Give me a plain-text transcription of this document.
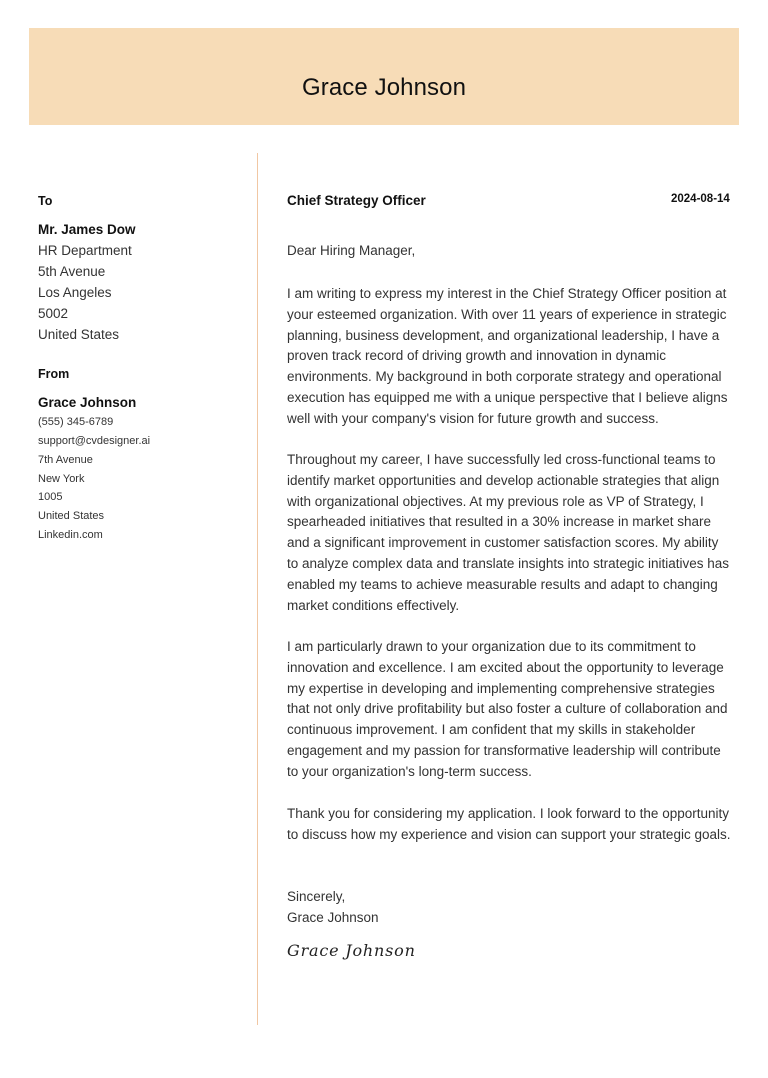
Grace Johnson
To
Mr. James Dow
HR Department
5th Avenue
Los Angeles
5002
United States
From
Grace Johnson
(555) 345-6789
support@cvdesigner.ai
7th Avenue
New York
1005
United States
Linkedin.com
Chief Strategy Officer	2024-08-14
Dear Hiring Manager,

I am writing to express my interest in the Chief Strategy Officer position at your esteemed organization. With over 11 years of experience in strategic planning, business development, and organizational leadership, I have a proven track record of driving growth and innovation in dynamic environments. My background in both corporate strategy and operational execution has equipped me with a unique perspective that I believe aligns well with your company's vision for future growth and success.

Throughout my career, I have successfully led cross-functional teams to identify market opportunities and develop actionable strategies that align with organizational objectives. At my previous role as VP of Strategy, I spearheaded initiatives that resulted in a 30% increase in market share and a significant improvement in customer satisfaction scores. My ability to analyze complex data and translate insights into strategic initiatives has enabled my teams to achieve measurable results and adapt to changing market conditions effectively.

I am particularly drawn to your organization due to its commitment to innovation and excellence. I am excited about the opportunity to leverage my expertise in developing and implementing comprehensive strategies that not only drive profitability but also foster a culture of collaboration and continuous improvement. I am confident that my skills in stakeholder engagement and my passion for transformative leadership will contribute to your organization's long-term success.

Thank you for considering my application. I look forward to the opportunity to discuss how my experience and vision can support your strategic goals.

Sincerely,
Grace Johnson
Grace Johnson
